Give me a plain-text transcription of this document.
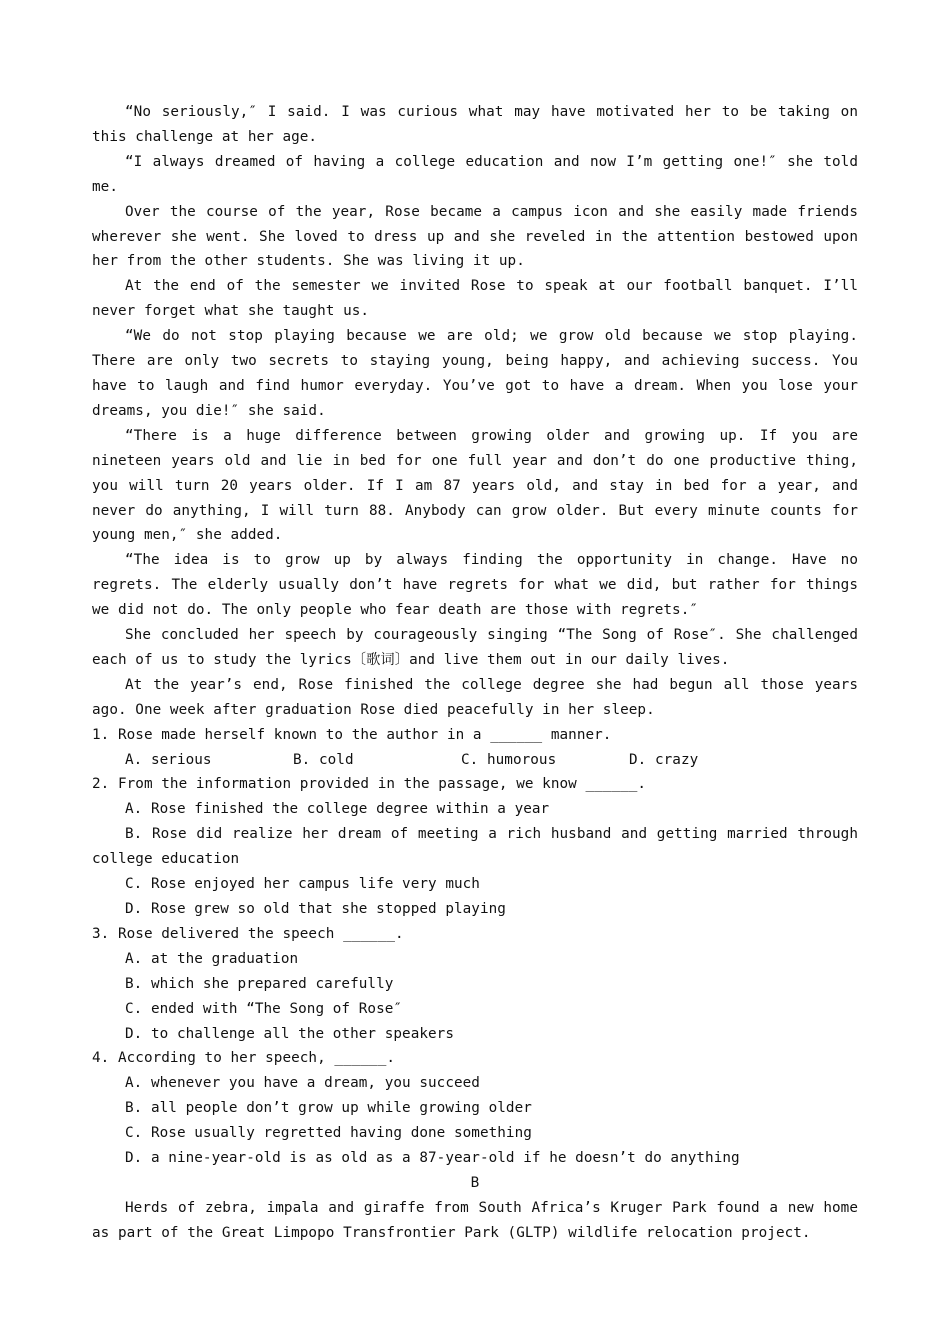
“No seriously,″ I said. I was curious what may have motivated her to be taking on this challenge at her age.

“I always dreamed of having a college education and now I’m getting one!″ she told me.

Over the course of the year, Rose became a campus icon and she easily made friends wherever she went. She loved to dress up and she reveled in the attention bestowed upon her from the other students. She was living it up.

At the end of the semester we invited Rose to speak at our football banquet. I’ll never forget what she taught us.

“We do not stop playing because we are old; we grow old because we stop playing. There are only two secrets to staying young, being happy, and achieving success. You have to laugh and find humor everyday. You’ve got to have a dream. When you lose your dreams, you die!″ she said.

“There is a huge difference between growing older and growing up. If you are nineteen years old and lie in bed for one full year and don’t do one productive thing, you will turn 20 years older. If I am 87 years old, and stay in bed for a year, and never do anything, I will turn 88. Anybody can grow older. But every minute counts for young men,″ she added.

“The idea is to grow up by always finding the opportunity in change. Have no regrets. The elderly usually don’t have regrets for what we did, but rather for things we did not do. The only people who fear death are those with regrets.″

She concluded her speech by courageously singing “The Song of Rose″. She challenged each of us to study the lyrics〔歌词〕and live them out in our daily lives.

At the year’s end, Rose finished the college degree she had begun all those years ago. One week after graduation Rose died peacefully in her sleep.

1. Rose made herself known to the author in a ______ manner.

A. serious	B. cold	C. humorous	D. crazy

2. From the information provided in the passage, we know ______.

A. Rose finished the college degree within a year

B. Rose did realize her dream of meeting a rich husband and getting married through college education

C. Rose enjoyed her campus life very much

D. Rose grew so old that she stopped playing

3. Rose delivered the speech ______.

A. at the graduation

B. which she prepared carefully

C. ended with “The Song of Rose″

D. to challenge all the other speakers

4. According to her speech, ______.

A. whenever you have a dream, you succeed

B. all people don’t grow up while growing older

C. Rose usually regretted having done something

D. a nine-year-old is as old as a 87-year-old if he doesn’t do anything

B

Herds of zebra, impala and giraffe from South Africa’s Kruger Park found a new home as part of the Great Limpopo Transfrontier Park (GLTP) wildlife relocation project.
